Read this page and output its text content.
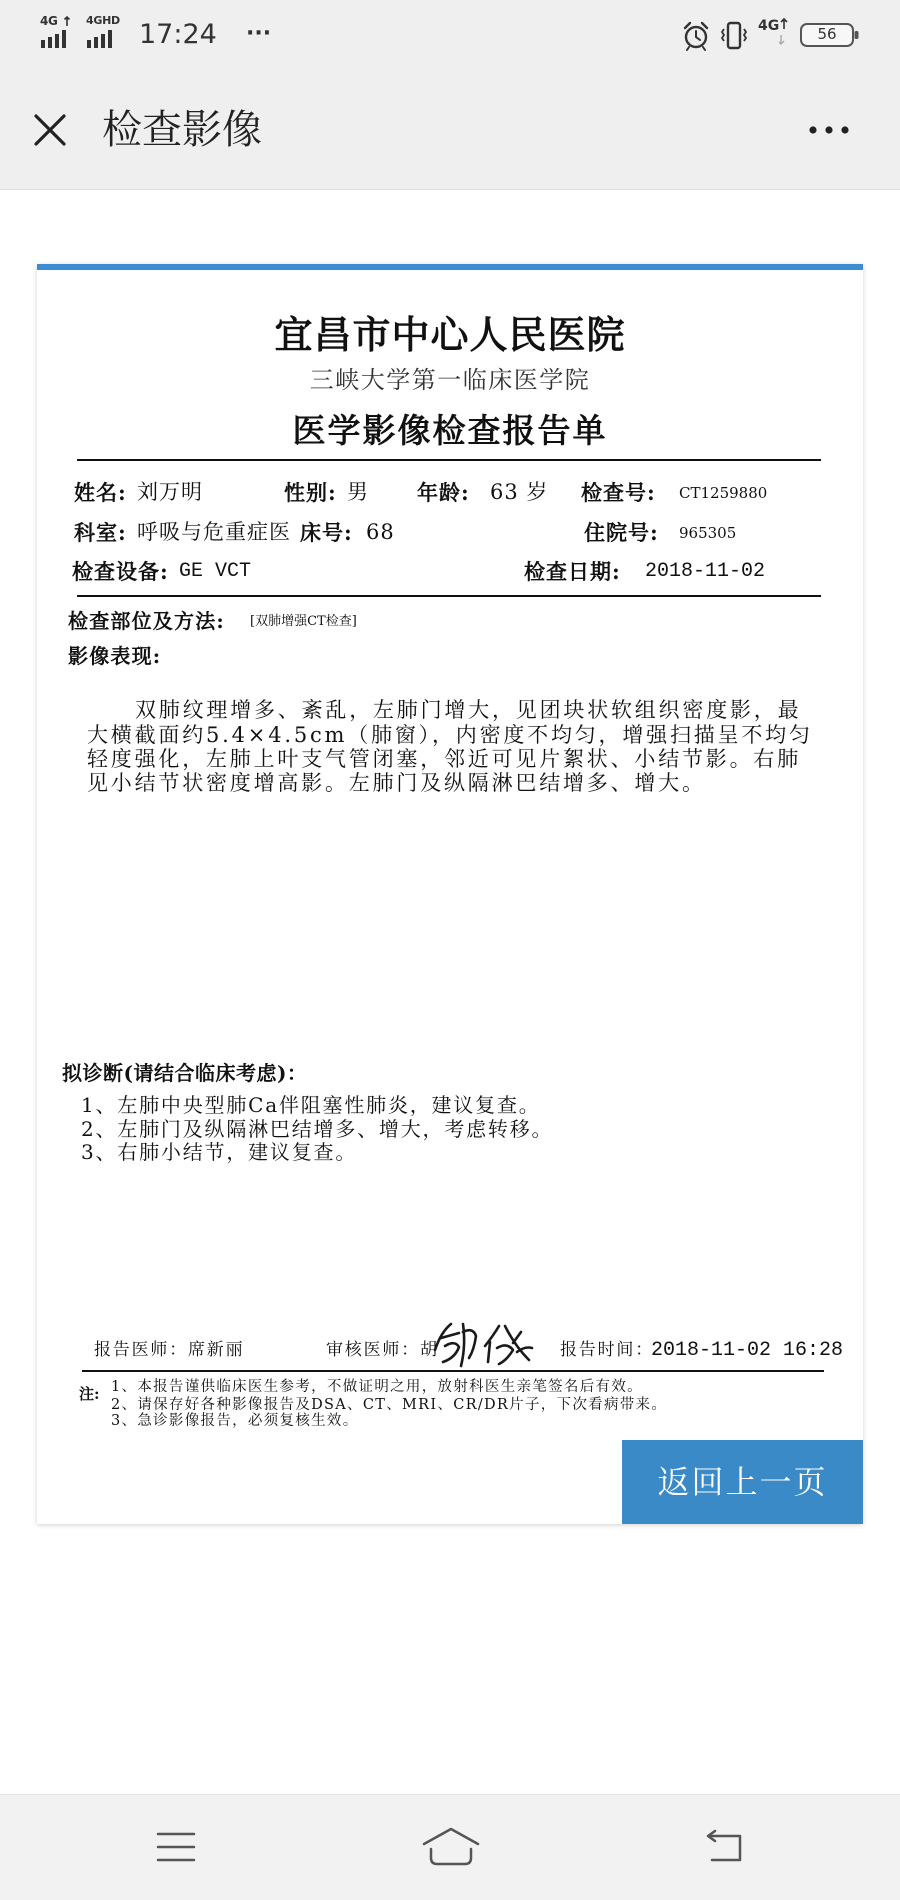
4G	4GHD 17:24 ···	4G	56
检查影像
宜昌市中心人民医院
三峡大学第一临床医学院
医学影像检查报告单
姓名: 刘万明	性别: 男 年龄: 63 岁 检查号: CT1259880
科室: 呼吸与危重症医 床号: 68	住院号: 965305
检查设备: GE VCT	检查日期: 2018-11-02
检查部位及方法: [双肺增强CT检查]
影像表现:
双肺纹理增多、紊乱，左肺门增大，见团块状软组织密度影，最
大横截面约5.4×4.5cm（肺窗），内密度不均匀，增强扫描呈不均匀
轻度强化，左肺上叶支气管闭塞，邻近可见片絮状、小结节影。右肺
见小结节状密度增高影。左肺门及纵隔淋巴结增多、增大。
拟诊断(请结合临床考虑)：
1、左肺中央型肺Ca伴阻塞性肺炎，建议复查。
2、左肺门及纵隔淋巴结增多、增大，考虑转移。
3、右肺小结节，建议复查。
报告医师：席新丽	审核医师：胡	报告时间：
2018-11-02 16:28
注: 1、本报告谨供临床医生参考，不做证明之用，放射科医生亲笔签名后有效。
2、请保存好各种影像报告及DSA、CT、MRI、CR/DR片子，下次看病带来。
3、急诊影像报告，必须复核生效。
返回上一页
